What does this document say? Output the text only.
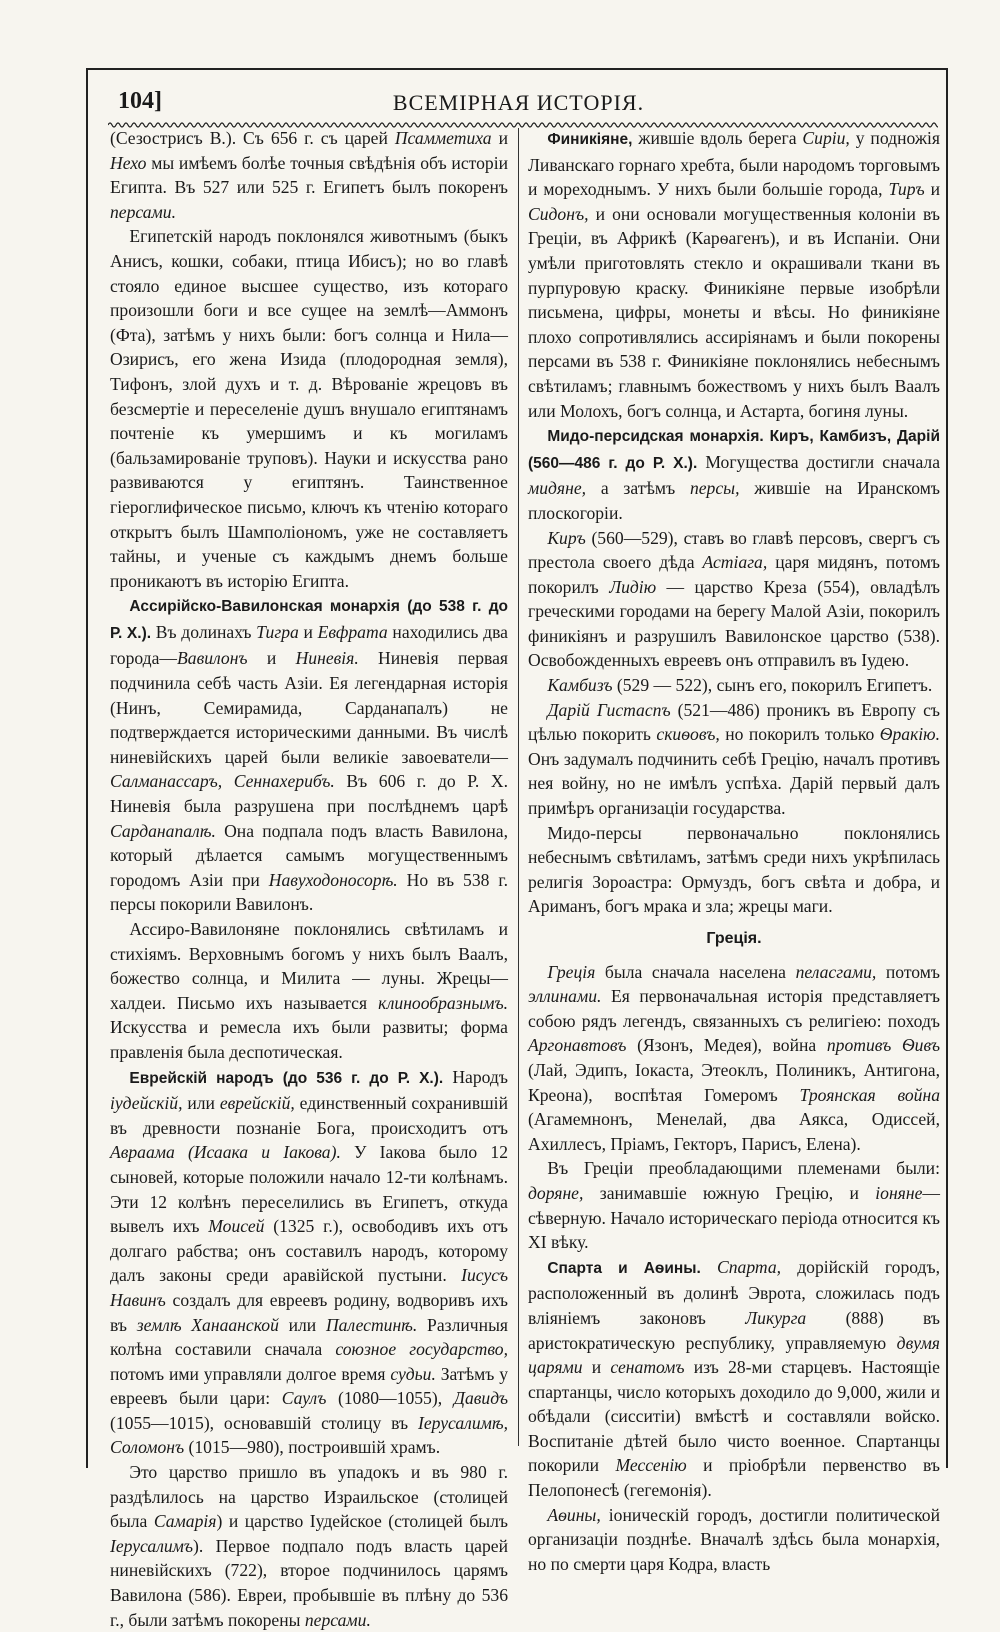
104]	ВСЕМІРНАЯ ИСТОРІЯ.

(Сезострисъ В.). Съ 656 г. съ царей Псамметиха и Нехо мы имѣемъ болѣе точныя свѣдѣнія объ исторіи Египта. Въ 527 или 525 г. Египетъ былъ покоренъ персами.

Египетскій народъ поклонялся животнымъ (быкъ Анисъ, кошки, собаки, птица Ибисъ); но во главѣ стояло единое высшее существо, изъ котораго произошли боги и все сущее на землѣ—Аммонъ (Фта), затѣмъ у нихъ были: богъ солнца и Нила—Озирисъ, его жена Изида (плодородная земля), Тифонъ, злой духъ и т. д. Вѣрованіе жрецовъ въ безсмертіе и переселеніе душъ внушало египтянамъ почтеніе къ умершимъ и къ могиламъ (бальзамированіе труповъ). Науки и искусства рано развиваются у египтянъ. Таинственное гіероглифическое письмо, ключъ къ чтенію котораго открытъ былъ Шамполіономъ, уже не составляетъ тайны, и ученые съ каждымъ днемъ больше проникаютъ въ исторію Египта.

Ассирійско-Вавилонская монархія (до 538 г. до Р. Х.). Въ долинахъ Тигра и Евфрата находились два города—Вавилонъ и Ниневія. Ниневія первая подчинила себѣ часть Азіи. Ея легендарная исторія (Нинъ, Семирамида, Сарданапалъ) не подтверждается историческими данными. Въ числѣ ниневійскихъ царей были великіе завоеватели—Салманассаръ, Сеннахерибъ. Въ 606 г. до Р. Х. Ниневія была разрушена при послѣднемъ царѣ Сарданапалѣ. Она подпала подъ власть Вавилона, который дѣлается самымъ могущественнымъ городомъ Азіи при Навуходоносорѣ. Но въ 538 г. персы покорили Вавилонъ.

Ассиро-Вавилоняне поклонялись свѣтиламъ и стихіямъ. Верховнымъ богомъ у нихъ былъ Ваалъ, божество солнца, и Милита — луны. Жрецы—халдеи. Письмо ихъ называется клинообразнымъ. Искусства и ремесла ихъ были развиты; форма правленія была деспотическая.

Еврейскій народъ (до 536 г. до Р. Х.). Народъ іудейскій, или еврейскій, единственный сохранившій въ древности познаніе Бога, происходитъ отъ Авраама (Исаака и Іакова). У Іакова было 12 сыновей, которые положили начало 12-ти колѣнамъ. Эти 12 колѣнъ переселились въ Египетъ, откуда вывелъ ихъ Моисей (1325 г.), освободивъ ихъ отъ долгаго рабства; онъ составилъ народъ, которому далъ законы среди аравійской пустыни. Іисусъ Навинъ создалъ для евреевъ родину, водворивъ ихъ въ землѣ Ханаанской или Палестинѣ. Различныя колѣна составили сначала союзное государство, потомъ ими управляли долгое время судьи. Затѣмъ у евреевъ были цари: Саулъ (1080—1055), Давидъ (1055—1015), основавшій столицу въ Іерусалимѣ, Соломонъ (1015—980), построившій храмъ.

Это царство пришло въ упадокъ и въ 980 г. раздѣлилось на царство Израильское (столицей была Самарія) и царство Іудейское (столицей былъ Іерусалимъ). Первое подпало подъ власть царей ниневійскихъ (722), второе подчинилось царямъ Вавилона (586). Евреи, пробывшіе въ плѣну до 536 г., были затѣмъ покорены персами.

Финикіяне, жившіе вдоль берега Сиріи, у подножія Ливанскаго горнаго хребта, были народомъ торговымъ и мореходнымъ. У нихъ были большіе города, Тиръ и Сидонъ, и они основали могущественныя колоніи въ Греціи, въ Африкѣ (Карѳагенъ), и въ Испаніи. Они умѣли приготовлять стекло и окрашивали ткани въ пурпуровую краску. Финикіяне первые изобрѣли письмена, цифры, монеты и вѣсы. Но финикіяне плохо сопротивлялись ассиріянамъ и были покорены персами въ 538 г. Финикіяне поклонялись небеснымъ свѣтиламъ; главнымъ божествомъ у нихъ былъ Ваалъ или Молохъ, богъ солнца, и Астарта, богиня луны.

Мидо-персидская монархія. Киръ, Камбизъ, Дарій (560—486 г. до Р. Х.). Могущества достигли сначала мидяне, а затѣмъ персы, жившіе на Иранскомъ плоскогоріи.

Киръ (560—529), ставъ во главѣ персовъ, свергъ съ престола своего дѣда Астіага, царя мидянъ, потомъ покорилъ Лидію — царство Креза (554), овладѣлъ греческими городами на берегу Малой Азіи, покорилъ финикіянъ и разрушилъ Вавилонское царство (538). Освобожденныхъ евреевъ онъ отправилъ въ Іудею.

Камбизъ (529 — 522), сынъ его, покорилъ Египетъ.

Дарій Гистаспъ (521—486) проникъ въ Европу съ цѣлью покорить скиѳовъ, но покорилъ только Ѳракію. Онъ задумалъ подчинить себѣ Грецію, началъ противъ нея войну, но не имѣлъ успѣха. Дарій первый далъ примѣръ организаціи государства.

Мидо-персы первоначально поклонялись небеснымъ свѣтиламъ, затѣмъ среди нихъ укрѣпилась религія Зороастра: Ормуздъ, богъ свѣта и добра, и Ариманъ, богъ мрака и зла; жрецы маги.

Греція.

Греція была сначала населена пеласгами, потомъ эллинами. Ея первоначальная исторія представляетъ собою рядъ легендъ, связанныхъ съ религіею: походъ Аргонавтовъ (Язонъ, Медея), война противъ Ѳивъ (Лай, Эдипъ, Іокаста, Этеоклъ, Полиникъ, Антигона, Креона), воспѣтая Гомеромъ Троянская война (Агамемнонъ, Менелай, два Аякса, Одиссей, Ахиллесъ, Пріамъ, Гекторъ, Парисъ, Елена).

Въ Греціи преобладающими племенами были: доряне, занимавшіе южную Грецію, и іоняне—сѣверную. Начало историческаго періода относится къ XI вѣку.

Спарта и Аѳины. Спарта, дорійскій городъ, расположенный въ долинѣ Эврота, сложилась подъ вліяніемъ законовъ Ликурга (888) въ аристократическую республику, управляемую двумя царями и сенатомъ изъ 28-ми старцевъ. Настоящіе спартанцы, число которыхъ доходило до 9,000, жили и обѣдали (сисситіи) вмѣстѣ и составляли войско. Воспитаніе дѣтей было чисто военное. Спартанцы покорили Мессенію и пріобрѣли первенство въ Пелопонесѣ (гегемонія).

Аѳины, іоническій городъ, достигли политической организаціи позднѣе. Вначалѣ здѣсь была монархія, но по смерти царя Кодра, власть
